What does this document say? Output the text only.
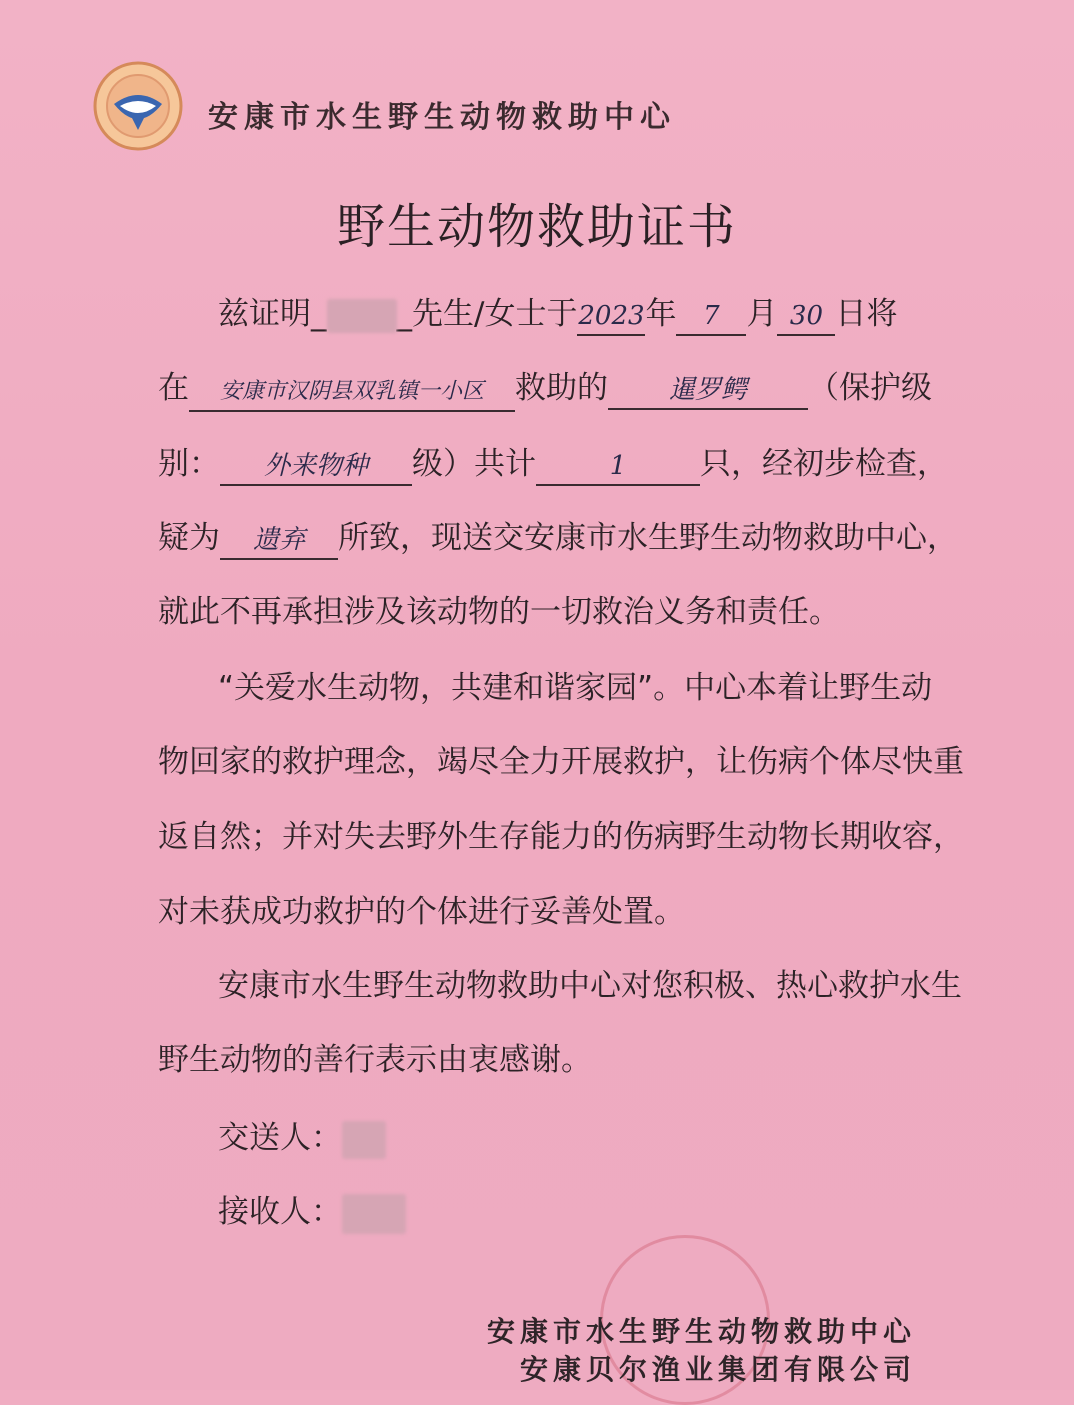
安康市水生野生动物救助中心
野生动物救助证书
兹证明_ _先生/女士于2023年 7 月 30 日将
在 安康市汉阴县双乳镇一小区 救助的 暹罗鳄 （保护级
别： 外来物种 级）共计	1 只，经初步检查，
疑为 遗弃 所致，现送交安康市水生野生动物救助中心，
就此不再承担涉及该动物的一切救治义务和责任。
“关爱水生动物，共建和谐家园”。中心本着让野生动
物回家的救护理念，竭尽全力开展救护，让伤病个体尽快重
返自然；并对失去野外生存能力的伤病野生动物长期收容，
对未获成功救护的个体进行妥善处置。
安康市水生野生动物救助中心对您积极、热心救护水生
野生动物的善行表示由衷感谢。
交送人：
接收人：
安康市水生野生动物救助中心
安康贝尔渔业集团有限公司
